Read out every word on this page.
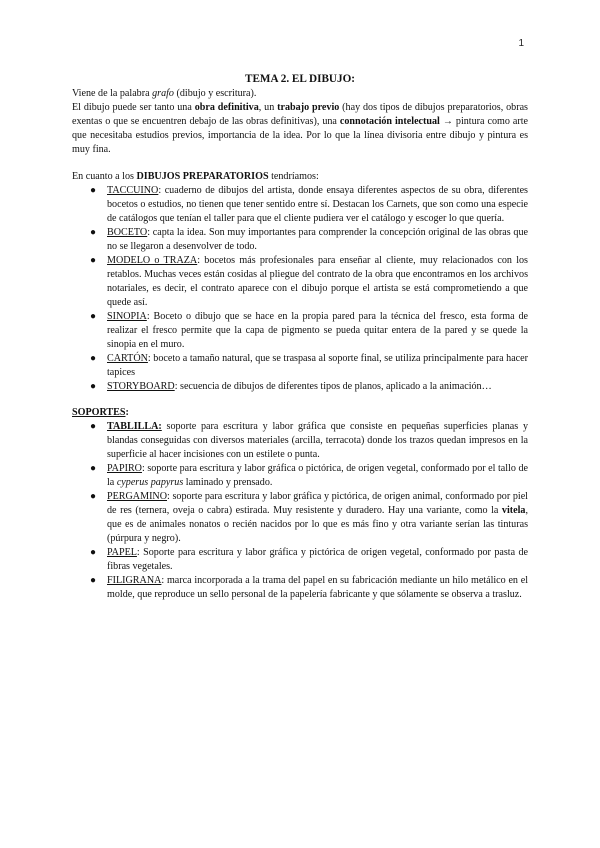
1
TEMA 2. EL DIBUJO:

Viene de la palabra grafo (dibujo y escritura).

El dibujo puede ser tanto una obra definitiva, un trabajo previo (hay dos tipos de dibujos preparatorios, obras exentas o que se encuentren debajo de las obras definitivas), una connotación intelectual → pintura como arte que necesitaba estudios previos, importancia de la idea. Por lo que la línea divisoria entre dibujo y pintura es muy fina.

En cuanto a los DIBUJOS PREPARATORIOS tendríamos:

● TACCUINO: cuaderno de dibujos del artista, donde ensaya diferentes aspectos de su obra, diferentes bocetos o estudios, no tienen que tener sentido entre sí. Destacan los Carnets, que son como una especie de catálogos que tenían el taller para que el cliente pudiera ver el catálogo y escoger lo que quería.
● BOCETO: capta la idea. Son muy importantes para comprender la concepción original de las obras que no se llegaron a desenvolver de todo.
● MODELO o TRAZA: bocetos más profesionales para enseñar al cliente, muy relacionados con los retablos. Muchas veces están cosidas al pliegue del contrato de la obra que encontramos en los archivos notariales, es decir, el contrato aparece con el dibujo porque el artista se está comprometiendo a que quede así.
● SINOPIA: Boceto o dibujo que se hace en la propia pared para la técnica del fresco, esta forma de realizar el fresco permite que la capa de pigmento se pueda quitar entera de la pared y se quede la sinopia en el muro.
● CARTÓN: boceto a tamaño natural, que se traspasa al soporte final, se utiliza principalmente para hacer tapices
● STORYBOARD: secuencia de dibujos de diferentes tipos de planos, aplicado a la animación…

SOPORTES:

● TABLILLA: soporte para escritura y labor gráfica que consiste en pequeñas superficies planas y blandas conseguidas con diversos materiales (arcilla, terracota) donde los trazos quedan impresos en la superficie al hacer incisiones con un estilete o punta.
● PAPIRO: soporte para escritura y labor gráfica o pictórica, de origen vegetal, conformado por el tallo de la cyperus papyrus laminado y prensado.
● PERGAMINO: soporte para escritura y labor gráfica y pictórica, de origen animal, conformado por piel de res (ternera, oveja o cabra) estirada. Muy resistente y duradero. Hay una variante, como la vitela, que es de animales nonatos o recién nacidos por lo que es más fino y otra variante serían las tinturas (púrpura y negro).
● PAPEL: Soporte para escritura y labor gráfica y pictórica de origen vegetal, conformado por pasta de fibras vegetales.
● FILIGRANA: marca incorporada a la trama del papel en su fabricación mediante un hilo metálico en el molde, que reproduce un sello personal de la papelería fabricante y que sólamente se observa a trasluz.
